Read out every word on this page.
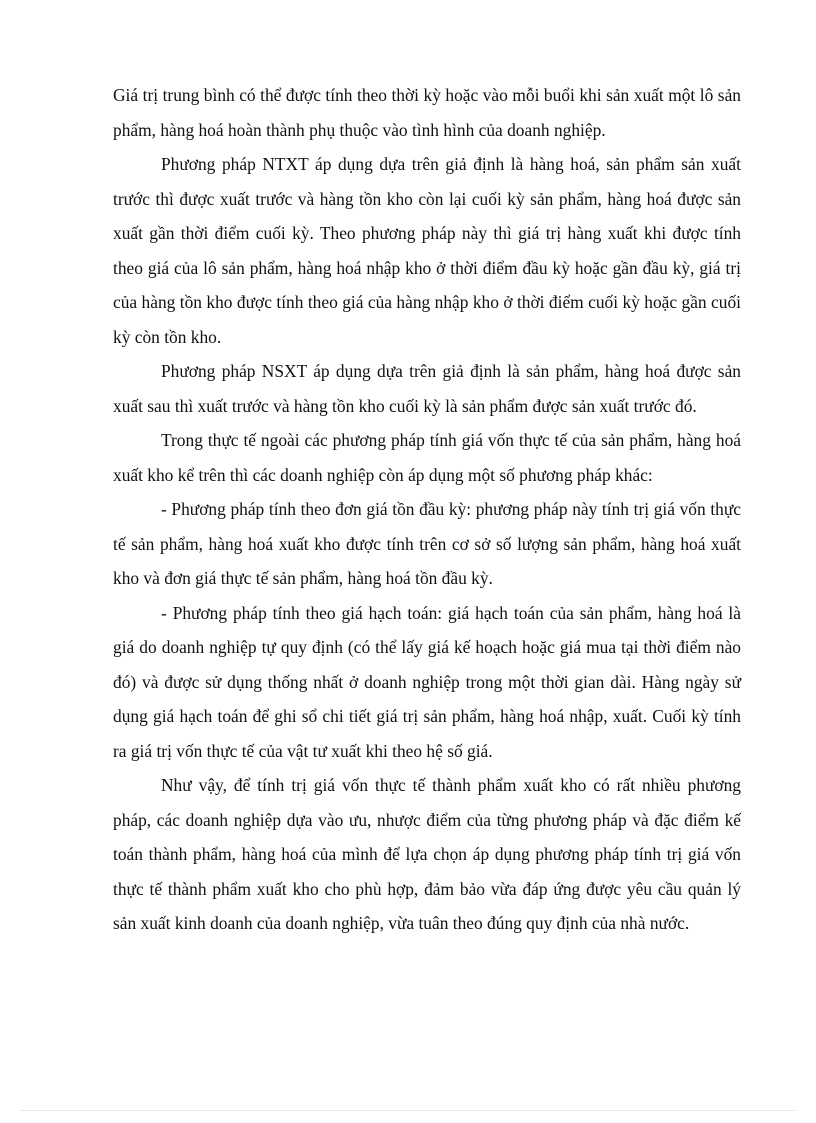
Giá trị trung bình có thể được tính theo thời kỳ hoặc vào mỗi buổi khi sản xuất một lô sản phẩm, hàng hoá hoàn thành phụ thuộc vào tình hình của doanh nghiệp.

Phương pháp NTXT áp dụng dựa trên giả định là hàng hoá, sản phẩm sản xuất trước thì được xuất trước và hàng tồn kho còn lại cuối kỳ sản phẩm, hàng hoá được sản xuất gần thời điểm cuối kỳ. Theo phương pháp này thì giá trị hàng xuất khi được tính theo giá của lô sản phẩm, hàng hoá nhập kho ở thời điểm đầu kỳ hoặc gần đầu kỳ, giá trị của hàng tồn kho được tính theo giá của hàng nhập kho ở thời điểm cuối kỳ hoặc gần cuối kỳ còn tồn kho.

Phương pháp NSXT áp dụng dựa trên giả định là sản phẩm, hàng hoá được sản xuất sau thì xuất trước và hàng tồn kho cuối kỳ là sản phẩm được sản xuất trước đó.

Trong thực tế ngoài các phương pháp tính giá vốn thực tế của sản phẩm, hàng hoá xuất kho kể trên thì các doanh nghiệp còn áp dụng một số phương pháp khác:

- Phương pháp tính theo đơn giá tồn đầu kỳ: phương pháp này tính trị giá vốn thực tế sản phẩm, hàng hoá xuất kho được tính trên cơ sở số lượng sản phẩm, hàng hoá xuất kho và đơn giá thực tế sản phẩm, hàng hoá tồn đầu kỳ.

- Phương pháp tính theo giá hạch toán: giá hạch toán của sản phẩm, hàng hoá là giá do doanh nghiệp tự quy định (có thể lấy giá kế hoạch hoặc giá mua tại thời điểm nào đó) và được sử dụng thống nhất ở doanh nghiệp trong một thời gian dài. Hàng ngày sử dụng giá hạch toán để ghi sổ chi tiết giá trị sản phẩm, hàng hoá nhập, xuất. Cuối kỳ tính ra giá trị vốn thực tế của vật tư xuất khi theo hệ số giá.

Như vậy, để tính trị giá vốn thực tế thành phẩm xuất kho có rất nhiều phương pháp, các doanh nghiệp dựa vào ưu, nhược điểm của từng phương pháp và đặc điểm kế toán thành phẩm, hàng hoá của mình để lựa chọn áp dụng phương pháp tính trị giá vốn thực tế thành phẩm xuất kho cho phù hợp, đảm bảo vừa đáp ứng được yêu cầu quản lý sản xuất kinh doanh của doanh nghiệp, vừa tuân theo đúng quy định của nhà nước.
